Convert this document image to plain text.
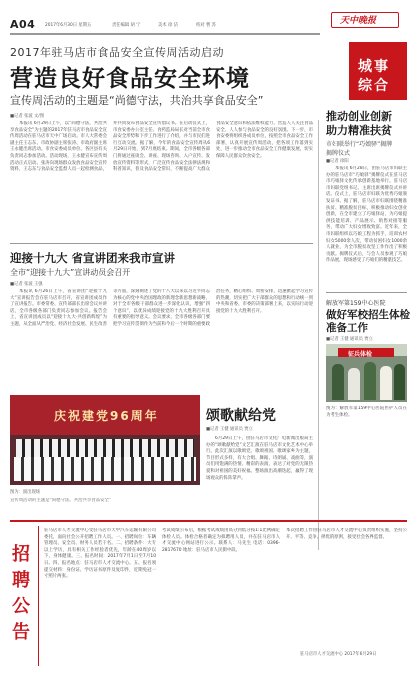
A04 2017年6月30日 星期五	责任编辑 胡 宁	美术 徐 洁	校对 曹 苏	天中晚报
城事
综合
2017年驻马店市食品安全宣传周活动启动
营造良好食品安全环境
宣传周活动的主题是“尚德守法，共治共享食品安全”
■记者 张波 文/图
本报讯 6月29日上午，以“尚德守法，共治共享食品安全”为主题的2017年驻马店市食品安全宣传周活动在驻马店市天中广场启动。市人大常委会副主任王志东、市政协副主席张涛、市政府副主席王永健出席活动。市食安委成员单位、各区县有关负责同志参加活动。活动现场，王永健宣布宣传周活动正式启动。张涛向现场群众发放食品安全宣传资料，王志东与食品安全监督人员一起检测食品，并共同发布食品安全宣传倡议书。在启动仪式上，市食安委办公室主任、食药监局局长对当前全市食品安全形势和下步工作进行了介绍，并与市民们进行互动交流。据了解，今年的食品安全宣传周从6月29日开始，到7月底结束。期间，全市各级各部门将通过座谈会、讲座、现场咨询、入户宣传、发放宣传资料等形式，广泛宣传食品安全法律法规和科普知识，普及食品安全常识，不断提高广大群众食品安全意识和依法维权能力，营造人人关注食品安全、人人参与食品安全的良好氛围。下一步，市食安委将组织各成员单位，按照全市食品安全工作部署，认真开展宣传周活动，把各项工作落到实处，进一步推动全市食品安全工作健康发展，切实保障人民群众饮食安全。
推动创业创新
助力精准扶贫
市妇联举行“巧娘驿”揭牌
揭牌仪式
■记者 徐阳
本报讯 6月28日，由驻马店市妇联主办的驻马店市“巧娘驿”揭牌仪式在驻马店市巧娘驿文化传承创新基地举行。驻马店市妇联党组书记、主席出席揭牌仪式并讲话。仪式上，驻马店市妇联为优秀巧娘颁发证书。据了解，驻马店市妇联围绕精准扶贫、精准脱贫目标，积极推动妇女创业创新，在全市建立了巧娘驿站，为巧娘提供技能培训、产品展示、销售对接等服务，带动广大妇女增收致富。近年来，全市妇联组织以巧娘工程为抓手，培训农村妇女5000余人次，带动贫困妇女1000余人就业，为全市脱贫攻坚工作作出了积极贡献。揭牌仪式后，与会人员参观了巧娘作品展，现场感受了巧娘们的精湛技艺。
迎接十九大 省宣讲团来我市宣讲
全市“迎接十九大”宣讲动员会召开
■记者 张波 王强
本报讯 6月26日上午，省宣讲团“迎接十九大”宣讲报告会在驻马店市召开，省宣讲团成员作了宣讲报告。市委常委、宣传部部长出席会议并讲话，全市各级各部门负责同志参加会议。报告会上，省宣讲团成员以“迎接十九大·共创新辉煌”为主题，从全面从严治党、经济社会发展、民生改善等方面，深刻阐述了党的十八大以来以习近平同志为核心的党中央治国理政的新理念新思想新战略，对于全市各级干部群众进一步深化认识，增强“四个意识”，以优异成绩迎接党的十九大胜利召开具有重要的指导意义。会议要求，全市各级各部门要把学习宣传贯彻作为当前和今后一个时期的重要政治任务，精心组织、周密安排，迅速掀起学习宣传的热潮，切实把广大干部群众的思想和行动统一到中央和省委、市委的决策部署上来，以实际行动迎接党的十九大胜利召开。
解放军第159中心医院
做好军校招生体检
准备工作
■记者 王健 通讯员 贾立
征兵体检
图为：解放军第159中心医院医护人员在为考生体检。
庆祝建党96周年	颂歌献给党
■记者 王健 通讯员 贾立
6月29日上午，由驻马店市文化广电新闻出版局主办的“颂歌献给党”文艺汇演在驻马店市文化艺术中心举行。此次汇演以歌颂党、歌颂祖国、歌颂家乡为主题，节目形式多样，有大合唱、舞蹈、诗朗诵、戏曲等，演员们用饱满的热情、精彩的表演，表达了对党的无限热爱和对祖国的美好祝福。整场演出高潮迭起，赢得了现场观众的阵阵掌声。
图为：演出现场
宣传周活动的主题是“尚德守法，共治共享食品安全”
招
聘
公
告
驻马店市人才交流中心受驻马店市天中汽车运输有限公司委托，面向社会公开招聘工作人员。一、招聘岗位：车辆管理员、安全员、财务人员若干名。二、招聘条件：大专以上学历，具有相关工作经验者优先，年龄在40周岁以下，身体健康。三、报名时间：2017年7月1日至7月10日。四、报名地点：驻马店市人才交流中心。五、报名须提交材料：身份证、学历证书原件及复印件，近期免冠一寸照片两张。
考试成绩公布后，根据考试成绩由高分到低分按1:1比例确定体检人员。体检合格者确定为拟聘用人员，并在驻马店市人才交流中心网站进行公示。联系人：马先生 电话：0396-2817670 地址：驻马店市人民街中段。
本次招聘工作由驻马店市人才交流中心负责组织实施，坚持公开、平等、竞争、择优的原则，接受社会各界监督。
驻马店市人才交流中心 2017年6月29日
